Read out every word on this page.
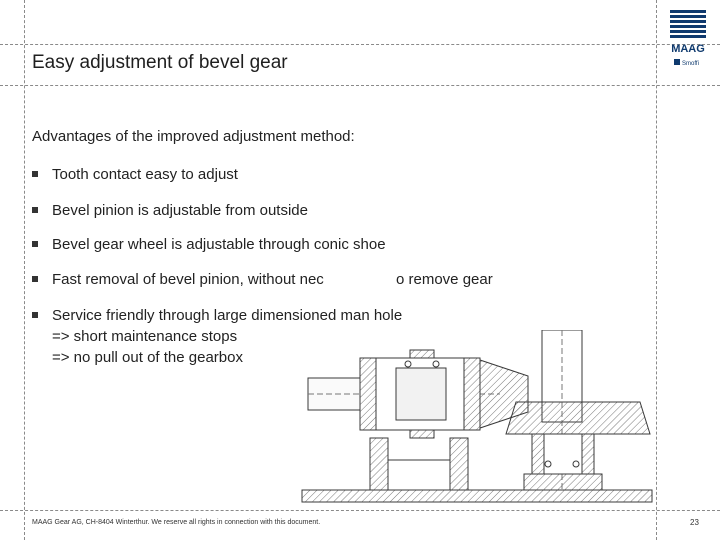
Easy adjustment of bevel gear
MAAG
Smoffi
Advantages of the improved adjustment method:
Tooth contact easy to adjust
Bevel pinion is adjustable from outside
Bevel gear wheel is adjustable through conic shoe
Fast removal of bevel pinion, without nec
Service friendly through large dimensioned man hole
o remove gear
=> short maintenance stops
=> no pull out of the gearbox
MAAG Gear AG, CH-8404 Winterthur. We reserve all rights in connection with this document.	23
